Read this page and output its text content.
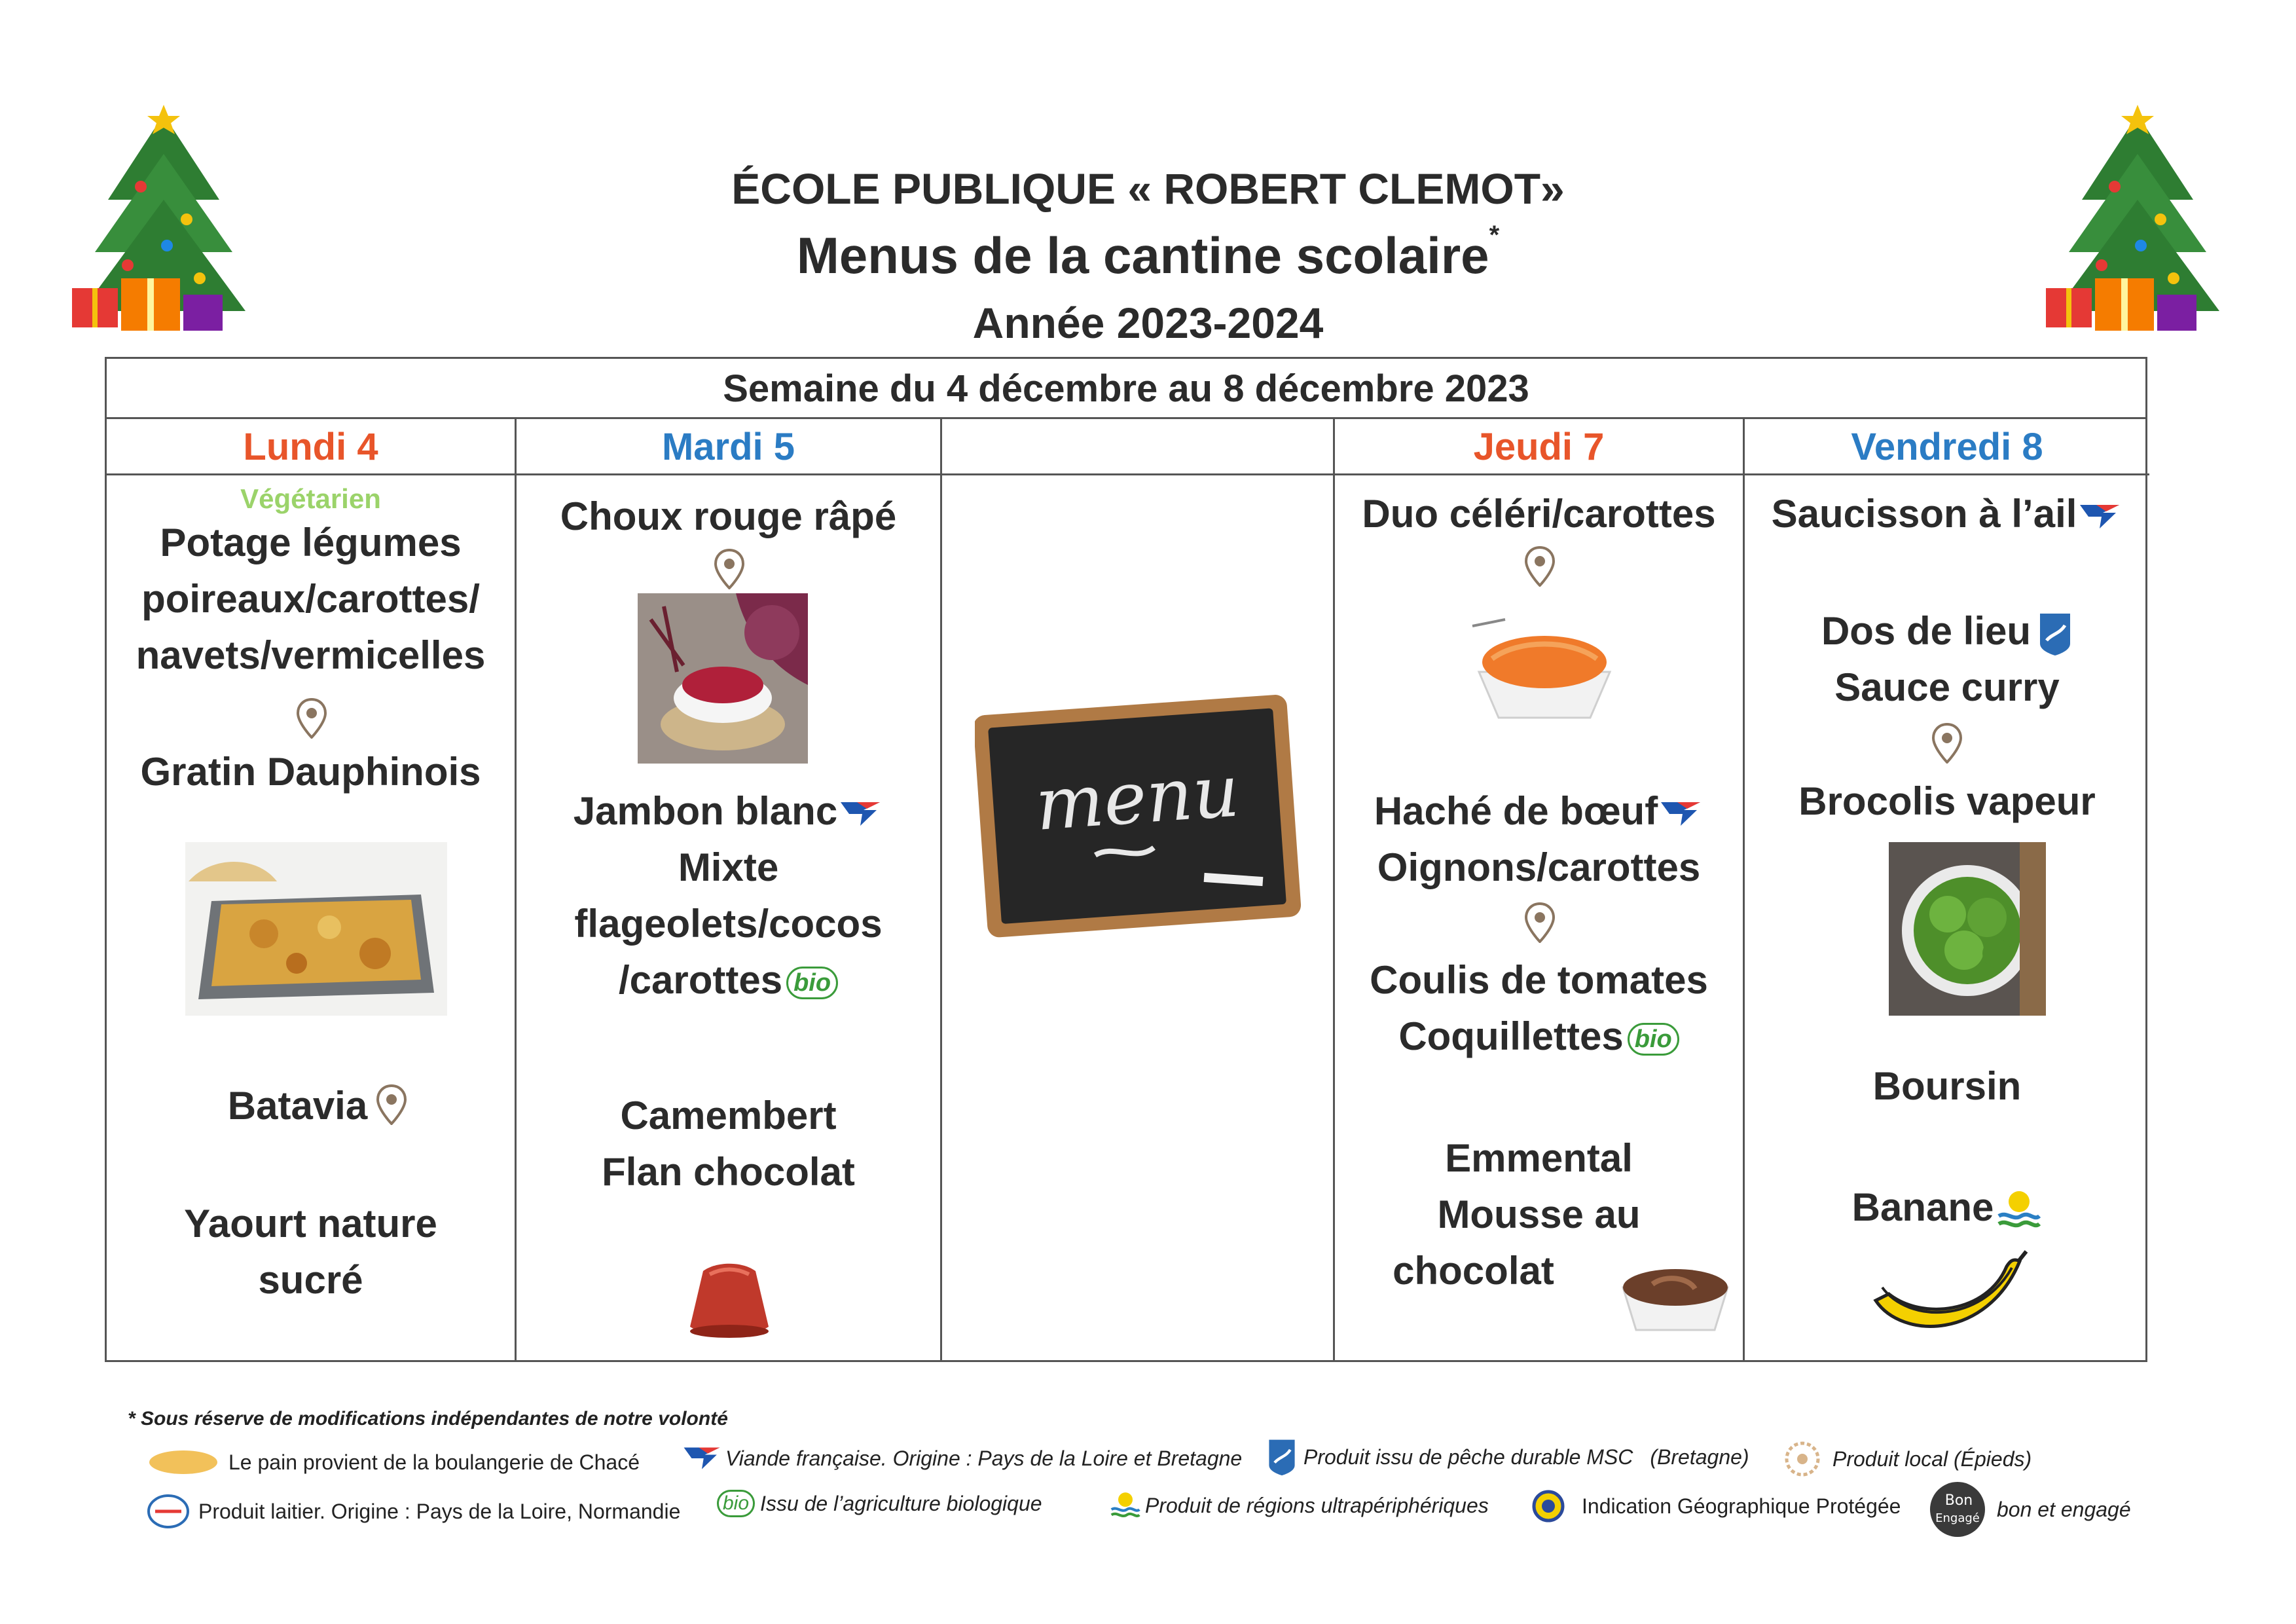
ÉCOLE PUBLIQUE « ROBERT CLEMOT»
Menus de la cantine scolaire*
Année 2023-2024
Semaine du 4 décembre au 8 décembre 2023
Lundi 4
Végétarien
Potage légumes
poireaux/carottes/
navets/vermicelles
Gratin Dauphinois
Batavia
Yaourt nature
sucré
Mardi 5
Choux rouge râpé
Jambon blanc
Mixte
flageolets/cocos
/carottes bio
Camembert
Flan chocolat
menu
Jeudi 7
Duo céléri/carottes
Haché de bœuf
Oignons/carottes
Coulis de tomates
Coquillettes bio
Emmental
Mousse au
chocolat
Vendredi 8
Saucisson à l’ail
Dos de lieu
Sauce curry
Brocolis vapeur
Boursin
Banane
* Sous réserve de modifications indépendantes de notre volonté
Le pain provient de la boulangerie de Chacé	Viande française. Origine : Pays de la Loire et Bretagne	Produit issu de pêche durable MSC (Bretagne)	Produit local (Épieds)
Produit laitier. Origine : Pays de la Loire, Normandie	bio Issu de l’agriculture biologique	Produit de régions ultrapériphériques	Indication Géographique Protégée	Bon
Engagé bon et engagé
